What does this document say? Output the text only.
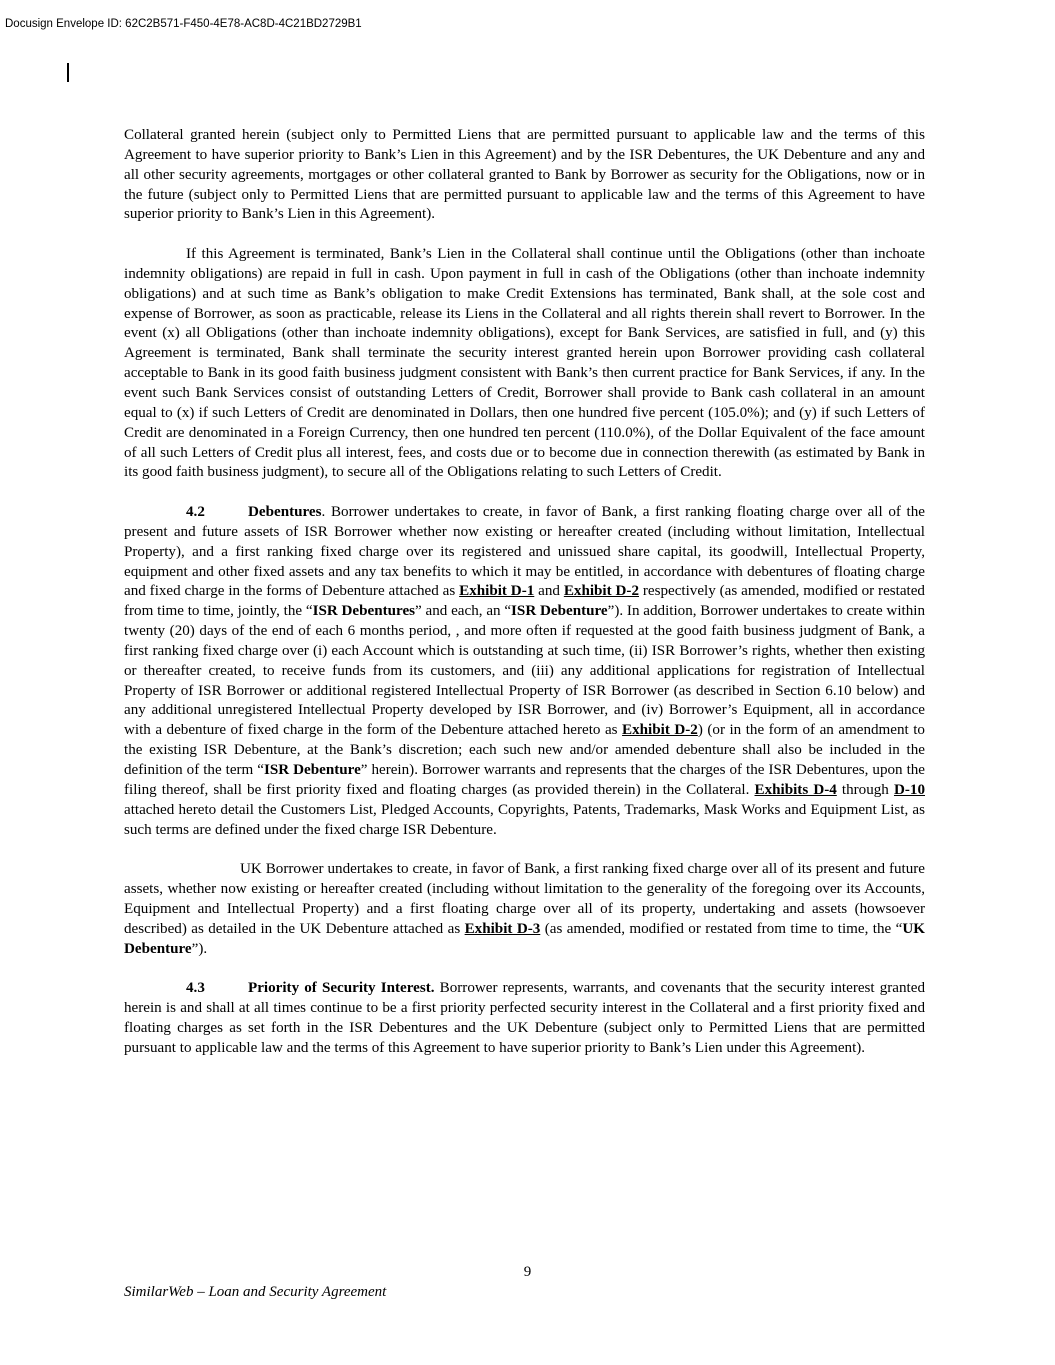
Docusign Envelope ID: 62C2B571-F450-4E78-AC8D-4C21BD2729B1

Collateral granted herein (subject only to Permitted Liens that are permitted pursuant to applicable law and the terms of this Agreement to have superior priority to Bank’s Lien in this Agreement) and by the ISR Debentures, the UK Debenture and any and all other security agreements, mortgages or other collateral granted to Bank by Borrower as security for the Obligations, now or in the future (subject only to Permitted Liens that are permitted pursuant to applicable law and the terms of this Agreement to have superior priority to Bank’s Lien in this Agreement).

If this Agreement is terminated, Bank’s Lien in the Collateral shall continue until the Obligations (other than inchoate indemnity obligations) are repaid in full in cash. Upon payment in full in cash of the Obligations (other than inchoate indemnity obligations) and at such time as Bank’s obligation to make Credit Extensions has terminated, Bank shall, at the sole cost and expense of Borrower, as soon as practicable, release its Liens in the Collateral and all rights therein shall revert to Borrower. In the event (x) all Obligations (other than inchoate indemnity obligations), except for Bank Services, are satisfied in full, and (y) this Agreement is terminated, Bank shall terminate the security interest granted herein upon Borrower providing cash collateral acceptable to Bank in its good faith business judgment consistent with Bank’s then current practice for Bank Services, if any. In the event such Bank Services consist of outstanding Letters of Credit, Borrower shall provide to Bank cash collateral in an amount equal to (x) if such Letters of Credit are denominated in Dollars, then one hundred five percent (105.0%); and (y) if such Letters of Credit are denominated in a Foreign Currency, then one hundred ten percent (110.0%), of the Dollar Equivalent of the face amount of all such Letters of Credit plus all interest, fees, and costs due or to become due in connection therewith (as estimated by Bank in its good faith business judgment), to secure all of the Obligations relating to such Letters of Credit.

4.2	Debentures. Borrower undertakes to create, in favor of Bank, a first ranking floating charge over all of the present and future assets of ISR Borrower whether now existing or hereafter created (including without limitation, Intellectual Property), and a first ranking fixed charge over its registered and unissued share capital, its goodwill, Intellectual Property, equipment and other fixed assets and any tax benefits to which it may be entitled, in accordance with debentures of floating charge and fixed charge in the forms of Debenture attached as Exhibit D-1 and Exhibit D-2 respectively (as amended, modified or restated from time to time, jointly, the “ISR Debentures” and each, an “ISR Debenture”). In addition, Borrower undertakes to create within twenty (20) days of the end of each 6 months period, , and more often if requested at the good faith business judgment of Bank, a first ranking fixed charge over (i) each Account which is outstanding at such time, (ii) ISR Borrower’s rights, whether then existing or thereafter created, to receive funds from its customers, and (iii) any additional applications for registration of Intellectual Property of ISR Borrower or additional registered Intellectual Property of ISR Borrower (as described in Section 6.10 below) and any additional unregistered Intellectual Property developed by ISR Borrower, and (iv) Borrower’s Equipment, all in accordance with a debenture of fixed charge in the form of the Debenture attached hereto as Exhibit D-2) (or in the form of an amendment to the existing ISR Debenture, at the Bank’s discretion; each such new and/or amended debenture shall also be included in the definition of the term “ISR Debenture” herein). Borrower warrants and represents that the charges of the ISR Debentures, upon the filing thereof, shall be first priority fixed and floating charges (as provided therein) in the Collateral. Exhibits D-4 through D-10 attached hereto detail the Customers List, Pledged Accounts, Copyrights, Patents, Trademarks, Mask Works and Equipment List, as such terms are defined under the fixed charge ISR Debenture.

UK Borrower undertakes to create, in favor of Bank, a first ranking fixed charge over all of its present and future assets, whether now existing or hereafter created (including without limitation to the generality of the foregoing over its Accounts, Equipment and Intellectual Property) and a first floating charge over all of its property, undertaking and assets (howsoever described) as detailed in the UK Debenture attached as Exhibit D-3 (as amended, modified or restated from time to time, the “UK Debenture”).

4.3	Priority of Security Interest. Borrower represents, warrants, and covenants that the security interest granted herein is and shall at all times continue to be a first priority perfected security interest in the Collateral and a first priority fixed and floating charges as set forth in the ISR Debentures and the UK Debenture (subject only to Permitted Liens that are permitted pursuant to applicable law and the terms of this Agreement to have superior priority to Bank’s Lien under this Agreement).

9
SimilarWeb – Loan and Security Agreement
